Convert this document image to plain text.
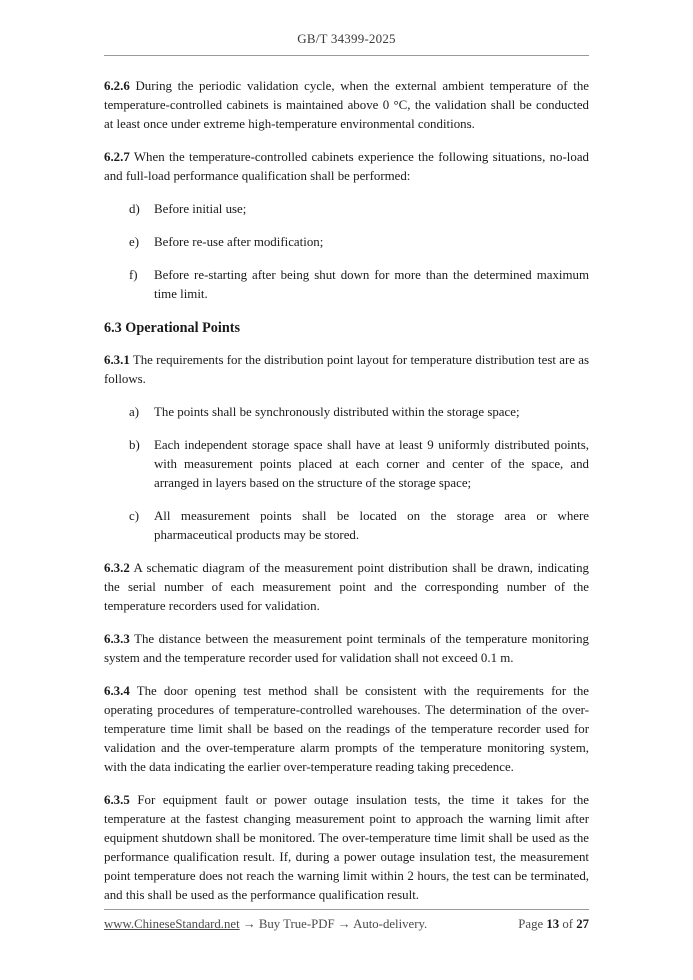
GB/T 34399-2025

6.2.6 During the periodic validation cycle, when the external ambient temperature of the temperature-controlled cabinets is maintained above 0 °C, the validation shall be conducted at least once under extreme high-temperature environmental conditions.

6.2.7 When the temperature-controlled cabinets experience the following situations, no-load and full-load performance qualification shall be performed:

d) Before initial use;
e) Before re-use after modification;
f) Before re-starting after being shut down for more than the determined maximum time limit.
6.3 Operational Points

6.3.1 The requirements for the distribution point layout for temperature distribution test are as follows.

a) The points shall be synchronously distributed within the storage space;
b) Each independent storage space shall have at least 9 uniformly distributed points, with measurement points placed at each corner and center of the space, and arranged in layers based on the structure of the storage space;
c) All measurement points shall be located on the storage area or where pharmaceutical products may be stored.

6.3.2 A schematic diagram of the measurement point distribution shall be drawn, indicating the serial number of each measurement point and the corresponding number of the temperature recorders used for validation.

6.3.3 The distance between the measurement point terminals of the temperature monitoring system and the temperature recorder used for validation shall not exceed 0.1 m.

6.3.4 The door opening test method shall be consistent with the requirements for the operating procedures of temperature-controlled warehouses. The determination of the over-temperature time limit shall be based on the readings of the temperature recorder used for validation and the over-temperature alarm prompts of the temperature monitoring system, with the data indicating the earlier over-temperature reading taking precedence.

6.3.5 For equipment fault or power outage insulation tests, the time it takes for the temperature at the fastest changing measurement point to approach the warning limit after equipment shutdown shall be monitored. The over-temperature time limit shall be used as the performance qualification result. If, during a power outage insulation test, the measurement point temperature does not reach the warning limit within 2 hours, the test can be terminated, and this shall be used as the performance qualification result.

www.ChineseStandard.net → Buy True-PDF → Auto-delivery.	Page 13 of 27
